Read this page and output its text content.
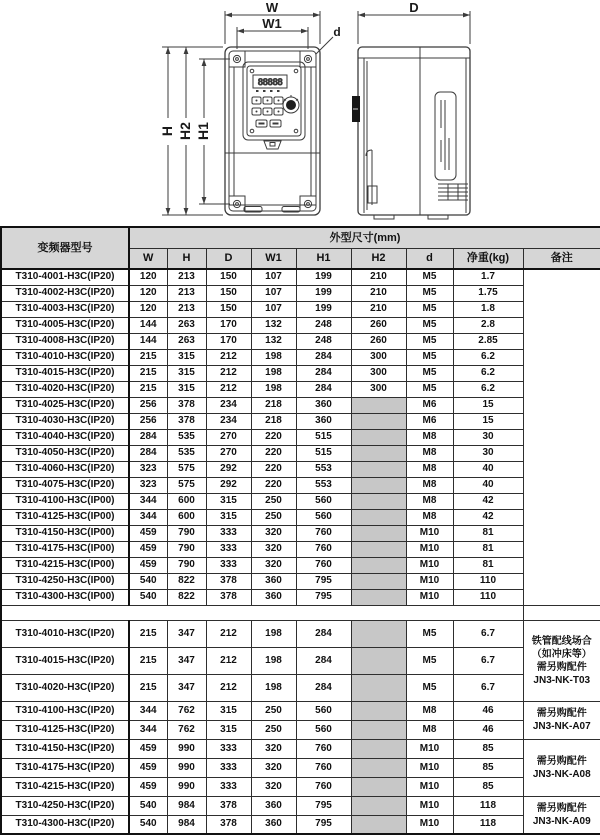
88888
W
W1
d
H H2 H1
D
变频器型号	外型尺寸(mm)								
	W	H	D	W1	H1	H2	d	净重(kg)	备注
T310-4001-H3C(IP20)	120	213	150	107	199	210	M5	1.7	
T310-4002-H3C(IP20)	120	213	150	107	199	210	M5	1.75	
T310-4003-H3C(IP20)	120	213	150	107	199	210	M5	1.8	
T310-4005-H3C(IP20)	144	263	170	132	248	260	M5	2.8	
T310-4008-H3C(IP20)	144	263	170	132	248	260	M5	2.85	
T310-4010-H3C(IP20)	215	315	212	198	284	300	M5	6.2	
T310-4015-H3C(IP20)	215	315	212	198	284	300	M5	6.2	
T310-4020-H3C(IP20)	215	315	212	198	284	300	M5	6.2	
T310-4025-H3C(IP20)	256	378	234	218	360		M6	15	
T310-4030-H3C(IP20)	256	378	234	218	360		M6	15	
T310-4040-H3C(IP20)	284	535	270	220	515		M8	30	
T310-4050-H3C(IP20)	284	535	270	220	515		M8	30	
T310-4060-H3C(IP20)	323	575	292	220	553		M8	40	
T310-4075-H3C(IP20)	323	575	292	220	553		M8	40	
T310-4100-H3C(IP00)	344	600	315	250	560		M8	42	
T310-4125-H3C(IP00)	344	600	315	250	560		M8	42	
T310-4150-H3C(IP00)	459	790	333	320	760		M10	81	
T310-4175-H3C(IP00)	459	790	333	320	760		M10	81	
T310-4215-H3C(IP00)	459	790	333	320	760		M10	81	
T310-4250-H3C(IP00)	540	822	378	360	795		M10	110	
T310-4300-H3C(IP00)	540	822	378	360	795		M10	110	

T310-4010-H3C(IP20)	215	347	212	198	284		M5	6.7	铁管配线场合
（如冲床等）
需另购配件
JN3-NK-T03

T310-4015-H3C(IP20)	215	347	212	198	284		M5	6.7	
T310-4020-H3C(IP20)	215	347	212	198	284		M5	6.7	
T310-4100-H3C(IP20)	344	762	315	250	560		M8	46	需另购配件
JN3-NK-A07

T310-4125-H3C(IP20)	344	762	315	250	560		M8	46	
T310-4150-H3C(IP20)	459	990	333	320	760		M10	85	需另购配件
JN3-NK-A08

T310-4175-H3C(IP20)	459	990	333	320	760		M10	85	
T310-4215-H3C(IP20)	459	990	333	320	760		M10	85	
T310-4250-H3C(IP20)	540	984	378	360	795		M10	118	需另购配件
JN3-NK-A09

T310-4300-H3C(IP20)	540	984	378	360	795		M10	118	
